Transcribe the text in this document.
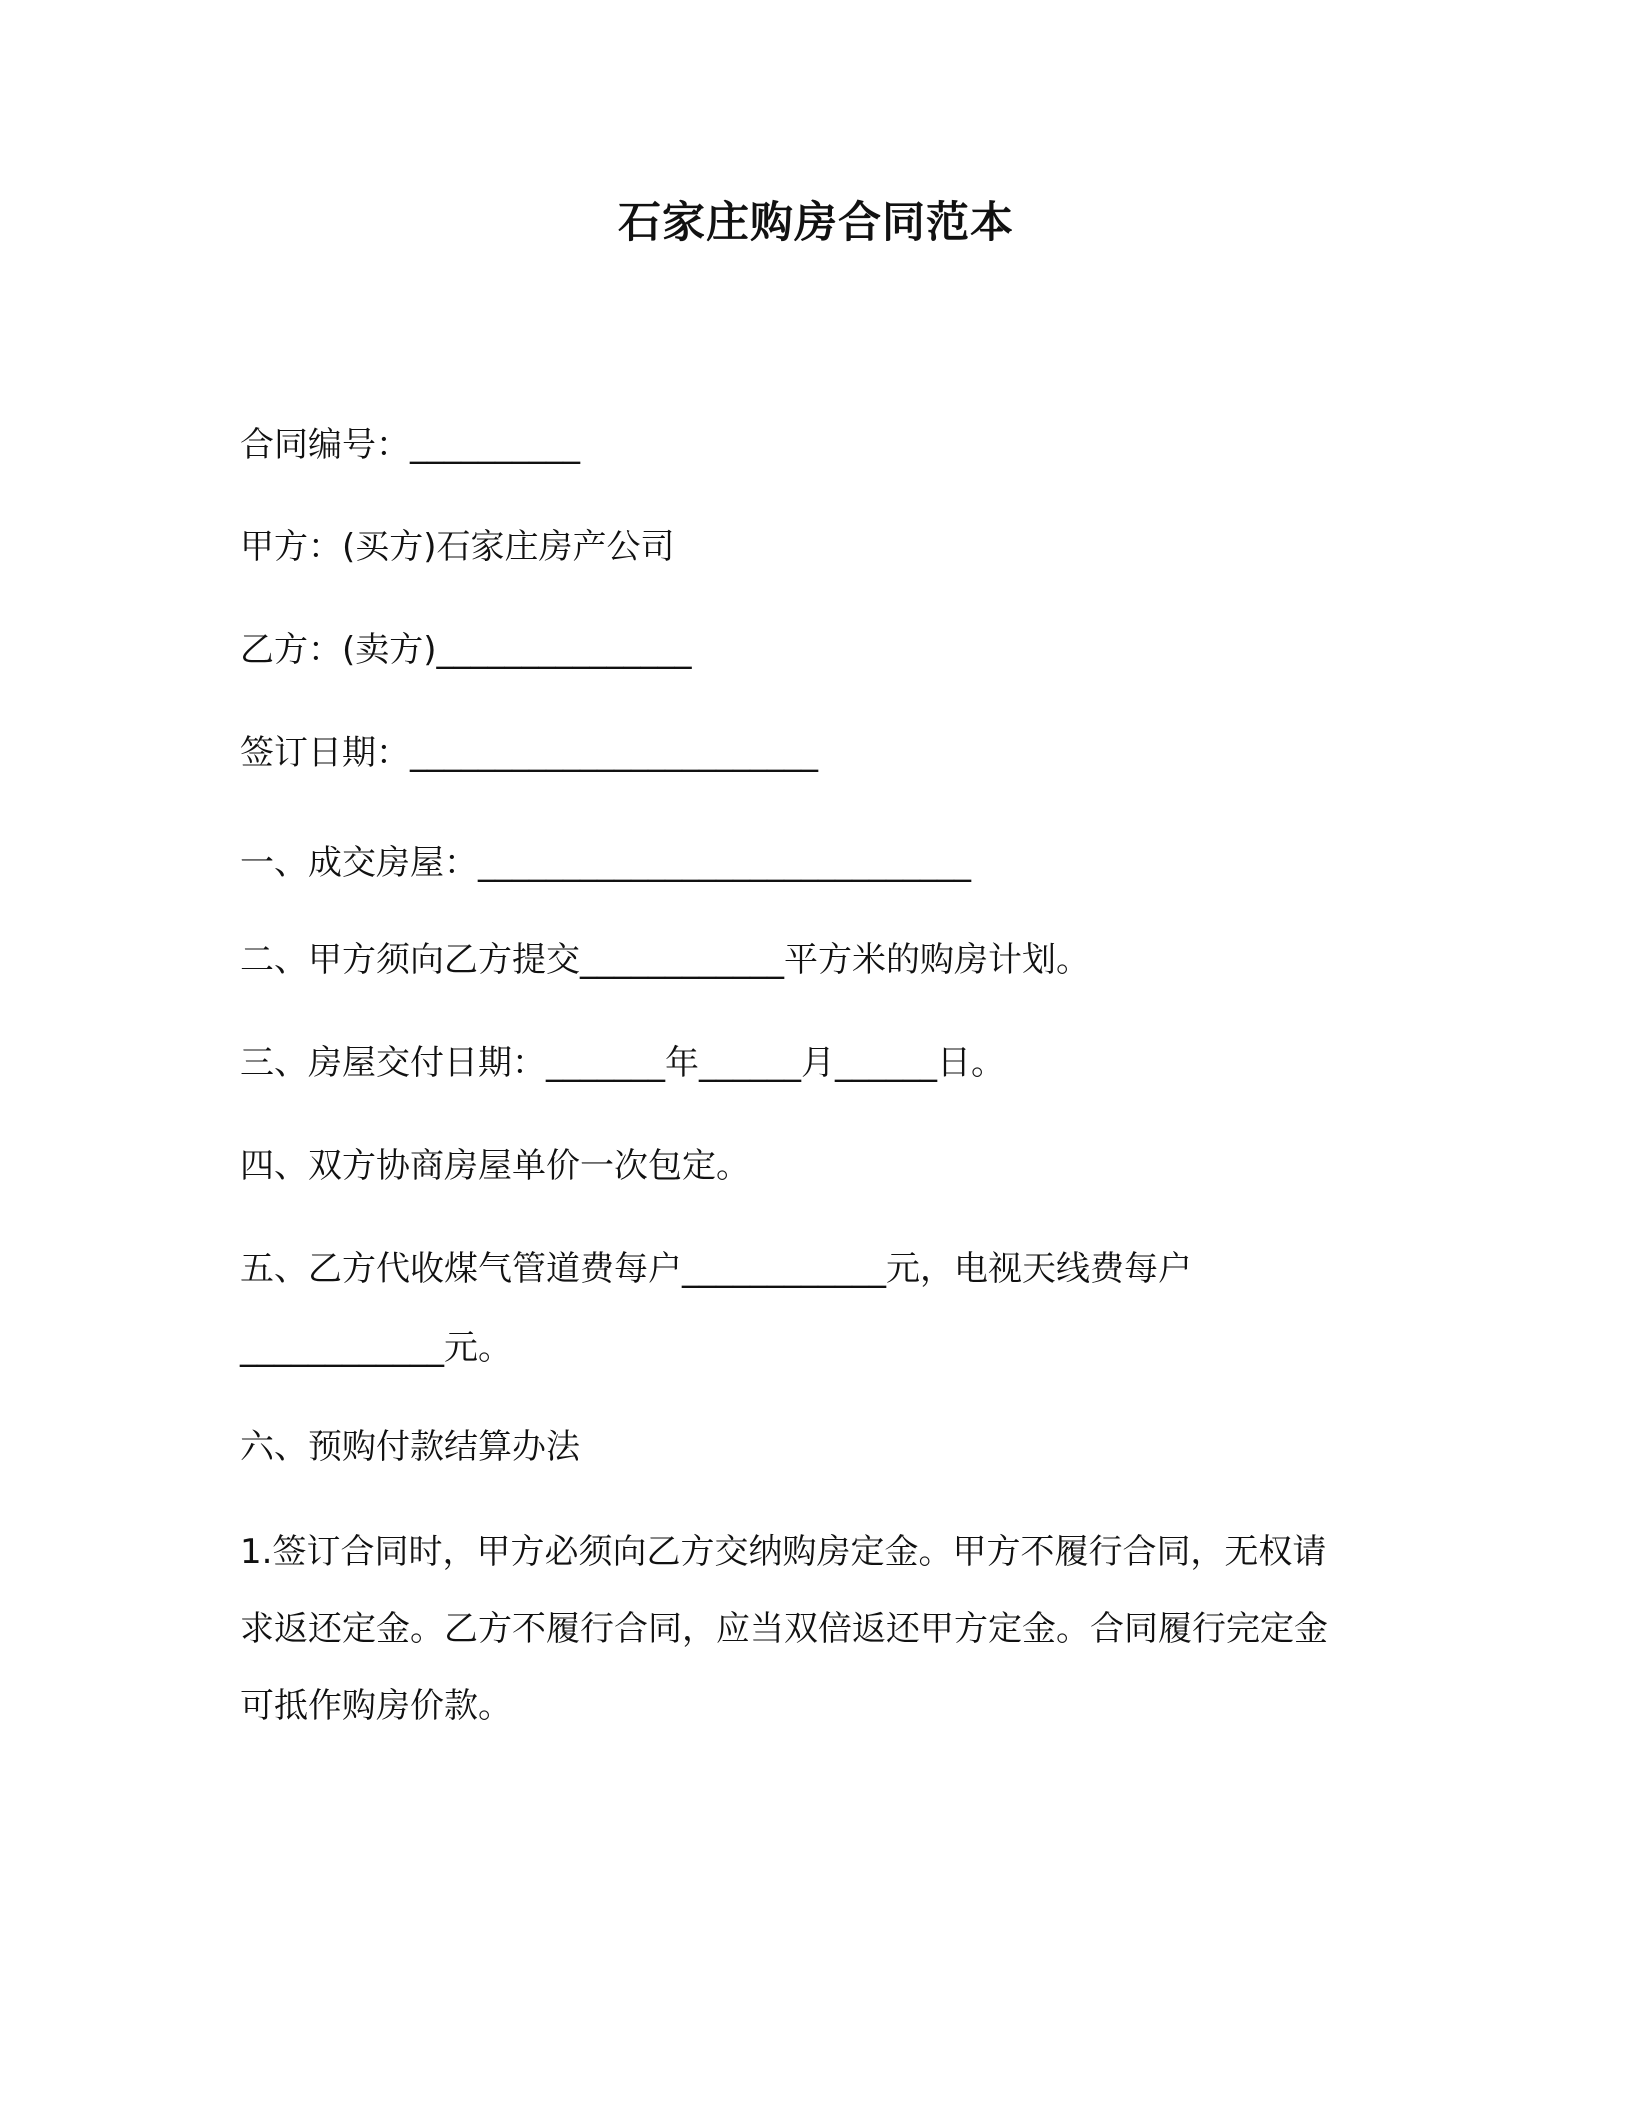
石家庄购房合同范本
合同编号：__________
甲方：(买方)石家庄房产公司
乙方：(卖方)_______________
签订日期：________________________
一、成交房屋：_____________________________
二、甲方须向乙方提交____________平方米的购房计划。
三、房屋交付日期：_______年______月______日。
四、双方协商房屋单价一次包定。
五、乙方代收煤气管道费每户____________元，电视天线费每户
____________元。
六、预购付款结算办法
1.签订合同时，甲方必须向乙方交纳购房定金。甲方不履行合同，无权请求返还定金。乙方不履行合同，应当双倍返还甲方定金。合同履行完定金可抵作购房价款。
